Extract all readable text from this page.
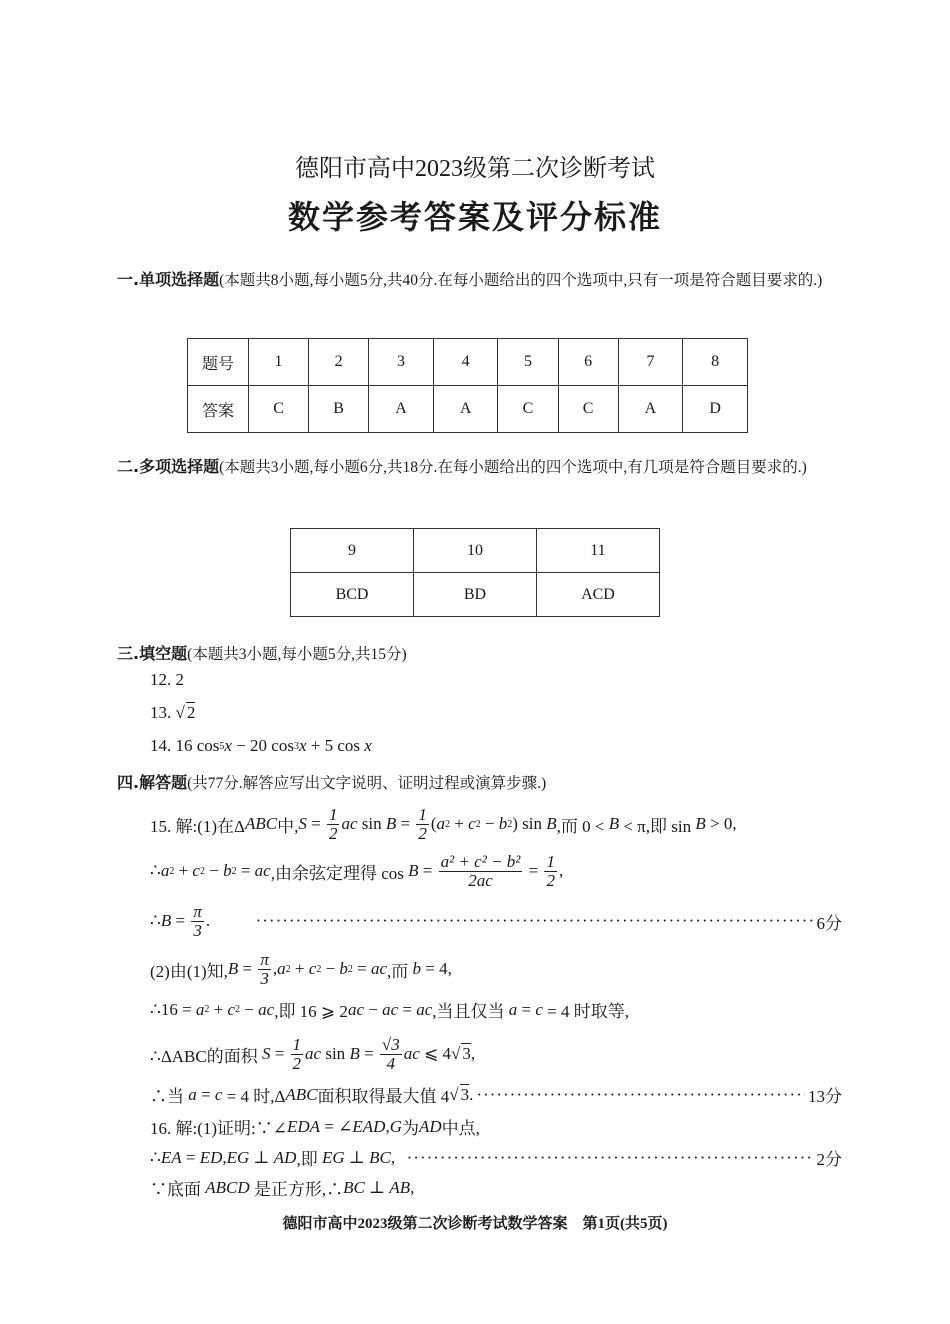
德阳市高中2023级第二次诊断考试
数学参考答案及评分标准
一.单项选择题(本题共8小题,每小题5分,共40分.在每小题给出的四个选项中,只有一项是符合题目要求的.)
题号	1	2	3	4	5	6	7	8
答案	C	B	A	A	C	C	A	D
二.多项选择题(本题共3小题,每小题6分,共18分.在每小题给出的四个选项中,有几项是符合题目要求的.)
9	10	11
BCD	BD	ACD
三.填空题(本题共3小题,每小题5分,共15分)
四.解答题(共77分.解答应写出文字说明、证明过程或演算步骤.)
12. 2
13. √ 2
14. 16 cos 5 x − 20 cos 3 x + 5 cos x
15. 解:(1)在Δ ABC 中, $S = \frac{1}{2}$ ac $\sin B = \frac{1}{2}$ ( a 2 + c 2 − b 2 ) sin B ,而 0 < B < π,即 sin B > 0,
∴ a 2 + c 2 − b 2 = ac ,由余弦定理得 $\cos B = \frac{\text{a² + c² − b²}}{2ac} = \frac{1}{2}$ ,
∴ $B = \frac{\pi}{3}$ . ·····	6分
(2)由(1)知, $B = \frac{\pi}{3}$ , a 2 + c 2 − b 2 = ac ,而 b = 4,
∴16 = a 2 + c 2 − ac ,即 16 ⩾ 2 ac − ac = ac ,当且仅当 a = c = 4 时取等,
∴ΔABC的面积 $S = \frac{1}{2}$ ac $\sin B = \frac{√3}{4}$ ac ⩽ 4 √ 3 ,
∴当 a = c = 4 时,Δ ABC 面积取得最大值 4 √ 3 . ·····	13分
16. 解:(1)证明:∵∠ EDA = ∠ EAD , G 为 AD 中点,
∴ EA = ED , EG ⊥ AD ,即 EG ⊥ BC , ·····	2分
∵底面 ABCD 是正方形,∴ BC ⊥ AB ,
德阳市高中2023级第二次诊断考试数学答案　第1页(共5页)
